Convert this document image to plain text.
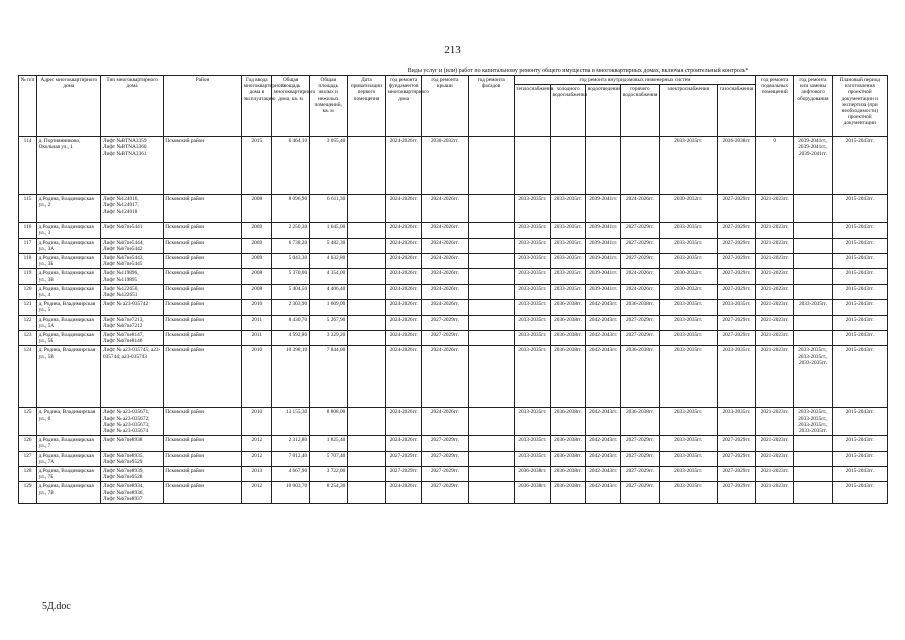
213
Виды услуг и (или) работ по капитальному ремонту общего имущества в многоквартирных домах, включая строительный контроль*
№ п/п	Адрес многоквартирного дома	Тип многоквартирного дома	Район	Год ввода многоквартирного дома в эксплуатацию	Общая площадь многоквартирного дома, кв. м	Общая площадь жилых и нежилых помещений, кв. м	Дата приватизации первого помещения	год ремонта фундаментов многоквартирного дома	год ремонта крыши	год ремонта фасадов	год ремонта внутридомовых инженерных систем						год ремонта подвальных помещений	год ремонта или замены лифтового оборудования	Плановый период изготовления проектной документации и экспертиза (при необходимости) проектной документации
											теплоснабжения	холодного водоснабжения	водоотведения	горячего водоснабжения	электроснабжения	газоснабжения			
114	д. Портнянниково, Окольная ул., 1	Лифт №BTNA3359
Лифт №BTNA3360
Лифт №BTNA3361	Псковский район	2015	6 464,10	3 055,40		2024-2026гг.	2030-2032гг.						2033-2035гг.	2036-2038гг.	0	2039-2041гг.,
2039-2041гг.,
2039-2041гг.	2015-2043гг.
115	д.Родина, Владимирская ул., 2	Лифт №124016,
Лифт №124017,
Лифт №124018	Псковский район	2008	8 096,90	6 611,30		2024-2026гг.	2024-2026гг.		2033-2035гг.	2033-2035гг.	2039-2041гг.	2024-2026гг.	2030-2032гг.	2027-2029гг.	2021-2023гг.		2015-2043гг.
116	д.Родина, Владимирская ул., 3	Лифт №b7ne5441	Псковский район	2009	2 250,30	1 645,00		2024-2026гг.	2024-2026гг.		2033-2035гг.	2033-2035гг.	2039-2041гг.	2027-2029гг.	2033-2035гг.	2027-2029гг.	2021-2023гг.		2015-2043гг.
117	д.Родина, Владимирская ул., 3А	Лифт №b7ne5444,
Лифт №b7ne5442	Псковский район	2009	6 738,20	5 482,30		2024-2026гг.	2024-2026гг.		2033-2035гг.	2033-2035гг.	2039-2041гг.	2027-2029гг.	2033-2035гг.	2027-2029гг.	2021-2023гг.		2015-2043гг.
118	д.Родина, Владимирская ул., 3Б	Лифт №b7ne5443,
Лифт №b7ne5445	Псковский район	2009	5 043,30	4 032,80		2024-2026гг.	2024-2026гг.		2033-2035гг.	2033-2035гг.	2039-2041гг.	2027-2029гг.	2033-2035гг.	2027-2029гг.	2021-2023гг.		2015-2043гг.
119	д.Родина, Владимирская ул., 3В	Лифт №119896,
Лифт №119895	Псковский район	2008	5 370,00	4 354,00		2024-2026гг.	2024-2026гг.		2033-2035гг.	2033-2035гг.	2039-2041гг.	2024-2026гг.	2030-2032гг.	2027-2029гг.	2021-2023гг.		2015-2043гг.
120	д.Родина, Владимирская ул., 4	Лифт №122650,
Лифт №122651	Псковский район	2008	5 404,50	4 406,40		2024-2026гг.	2024-2026гг.		2033-2035гг.	2033-2035гг.	2039-2041гг.	2024-2026гг.	2030-2032гг.	2027-2029гг.	2021-2023гг.		2015-2043гг.
121	д. Родина, Владимирская ул., 5	Лифт № а23-035742	Псковский район	2010	2 303,90	1 609,00		2024-2026гг.	2024-2026гг.		2033-2035гг.	2036-2038гг.	2042-2043гг.	2036-2038гг.	2033-2035гг.	2033-2035гг.	2021-2023гг.	2033-2035гг.	2015-2043гг.
122	д.Родина, Владимирская ул., 5А	Лифт №b7ne7213,
Лифт №b7ne7212	Псковский район	2011	8 430,70	5 267,90		2024-2026гг.	2027-2029гг.		2033-2035гг.	2036-2038гг.	2042-2043гг.	2027-2029гг.	2033-2035гг.	2027-2029гг.	2021-2023гг.		2015-2043гг.
123	д.Родина, Владимирская ул., 5Б	Лифт №b7ne8147,
Лифт №b7ne8146	Псковский район	2011	4 592,80	3 329,20		2024-2026гг.	2027-2029гг.		2033-2035гг.	2036-2038гг.	2042-2043гг.	2027-2029гг.	2033-2035гг.	2027-2029гг.	2021-2023гг.		2015-2043гг.
124	д. Родина, Владимирская ул., 5В	Лифт № а23-035745; а23-035744; а23-035743	Псковский район	2010	10 398,10	7 844,00		2024-2026гг.	2024-2026гг.		2033-2035гг.	2036-2038гг.	2042-2043гг.	2036-2038гг.	2033-2035гг.	2033-2035гг.	2021-2023гг.	2033-2035гг.,
2033-2035гг.,
2033-2035гг.	2015-2043гг.
125	д. Родина, Владимирская ул., 6	Лифт № а23-035671; Лифт № а23-035672; Лифт № а23-035673; Лифт № а23-035674	Псковский район	2010	13 155,30	8 808,00		2024-2026гг.	2024-2026гг.		2033-2035гг.	2036-2038гг.	2042-2043гг.	2036-2038гг.	2033-2035гг.	2033-2035гг.	2021-2023гг.	2033-2035гг.,
2033-2035гг.,
2033-2035гг.,
2033-2035гг.	2015-2043гг.
126	д.Родина, Владимирская ул., 7	Лифт №b7ne8938	Псковский район	2012	2 312,80	1 825,40		2024-2026гг.	2027-2029гг.		2033-2035гг.	2036-2038гг.	2042-2043гг.	2027-2029гг.	2033-2035гг.	2027-2029гг.	2021-2023гг.		2015-2043гг.
127	д.Родина, Владимирская ул., 7А	Лифт №b7ne8935,
Лифт №b7ne9529	Псковский район	2012	7 012,40	5 707,40		2027-2029гг.	2027-2029гг.		2033-2035гг.	2036-2038гг.	2042-2043гг.	2027-2029гг.	2033-2035гг.	2027-2029гг.	2021-2023гг.		2015-2043гг.
128	д.Родина, Владимирская ул., 7Б	Лифт №b7ne8939,
Лифт №b7ne9528	Псковский район	2013	4 667,90	3 722,00		2027-2029гг.	2027-2029гг.		2036-2038гг.	2036-2038гг.	2042-2043гг.	2027-2029гг.	2033-2035гг.	2027-2029гг.	2021-2023гг.		2015-2043гг.
129	д.Родина, Владимирская ул., 7В	Лифт №b7ne8934,
Лифт №b7ne8936,
Лифт №b7ne8937	Псковский район	2012	10 003,70	8 254,30		2024-2026гг.	2027-2029гг.		2036-2038гг.	2036-2038гг.	2042-2043гг.	2027-2029гг.	2033-2035гг.	2027-2029гг.	2021-2023гг.		2015-2043гг.
5Д.doc
